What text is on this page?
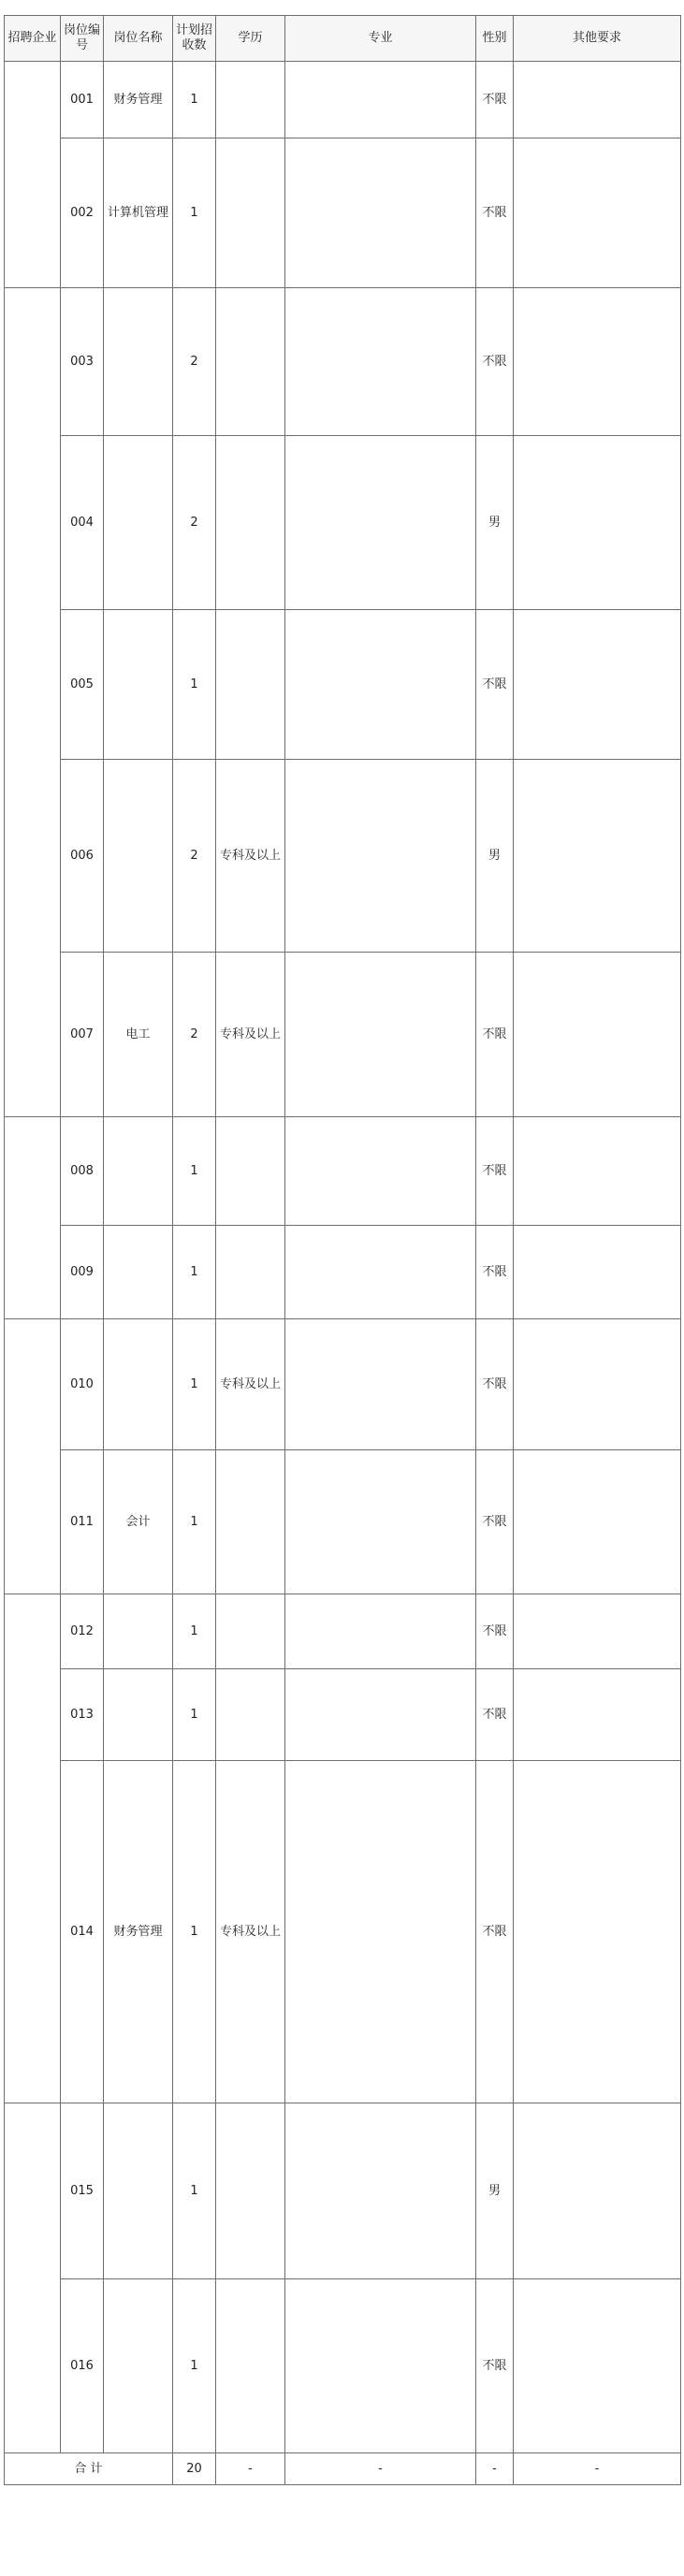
招聘企业	岗位编号	岗位名称	计划招收数	学历	专业	性别	其他要求
	001	财务管理	1			不限	
	002	计算机管理	1			不限	
	003		2			不限	
	004		2			男	
	005		1			不限	
	006		2	专科及以上		男	
	007	电工	2	专科及以上		不限	
	008		1			不限	
	009		1			不限	
	010		1	专科及以上		不限	
	011	会计	1			不限	
	012		1			不限	
	013		1			不限	
	014	财务管理	1	专科及以上		不限	
	015		1			男	
	016		1			不限	
合 计			20	-	-	-	-
